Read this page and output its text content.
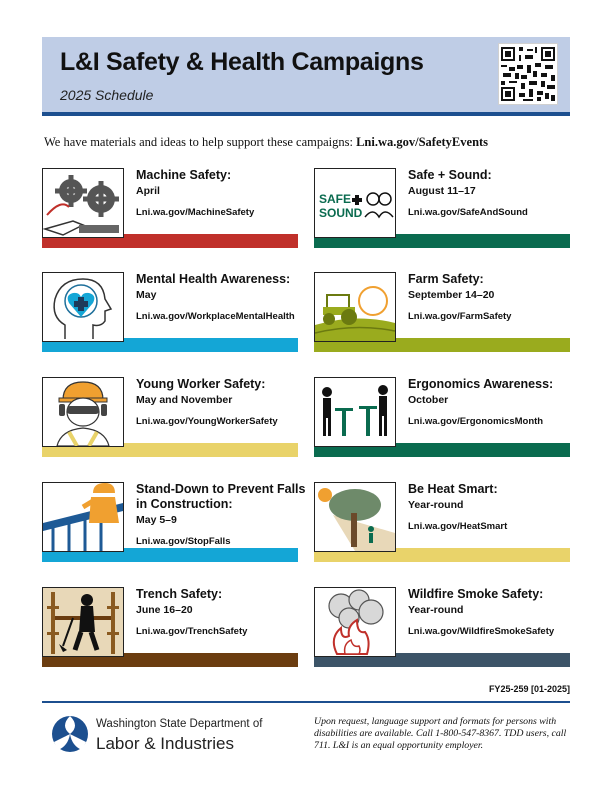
L&I Safety & Health Campaigns
2025 Schedule
We have materials and ideas to help support these campaigns: Lni.wa.gov/SafetyEvents
Machine Safety:
April
Lni.wa.gov/MachineSafety
SAFE
SOUND
Safe + Sound:
August 11–17
Lni.wa.gov/SafeAndSound
Mental Health Awareness:
May
Lni.wa.gov/WorkplaceMentalHealth
Farm Safety:
September 14–20
Lni.wa.gov/FarmSafety
Young Worker Safety:
May and November
Lni.wa.gov/YoungWorkerSafety
Ergonomics Awareness:
October
Lni.wa.gov/ErgonomicsMonth
Stand-Down to Prevent Falls in Construction:
May 5–9
Lni.wa.gov/StopFalls
Be Heat Smart:
Year-round
Lni.wa.gov/HeatSmart
Trench Safety:
June 16–20
Lni.wa.gov/TrenchSafety
Wildfire Smoke Safety:
Year-round
Lni.wa.gov/WildfireSmokeSafety
FY25-259 [01-2025]
Washington State Department of
Labor & Industries
Upon request, language support and formats for persons with disabilities are available. Call 1-800-547-8367. TDD users, call 711. L&I is an equal opportunity employer.
